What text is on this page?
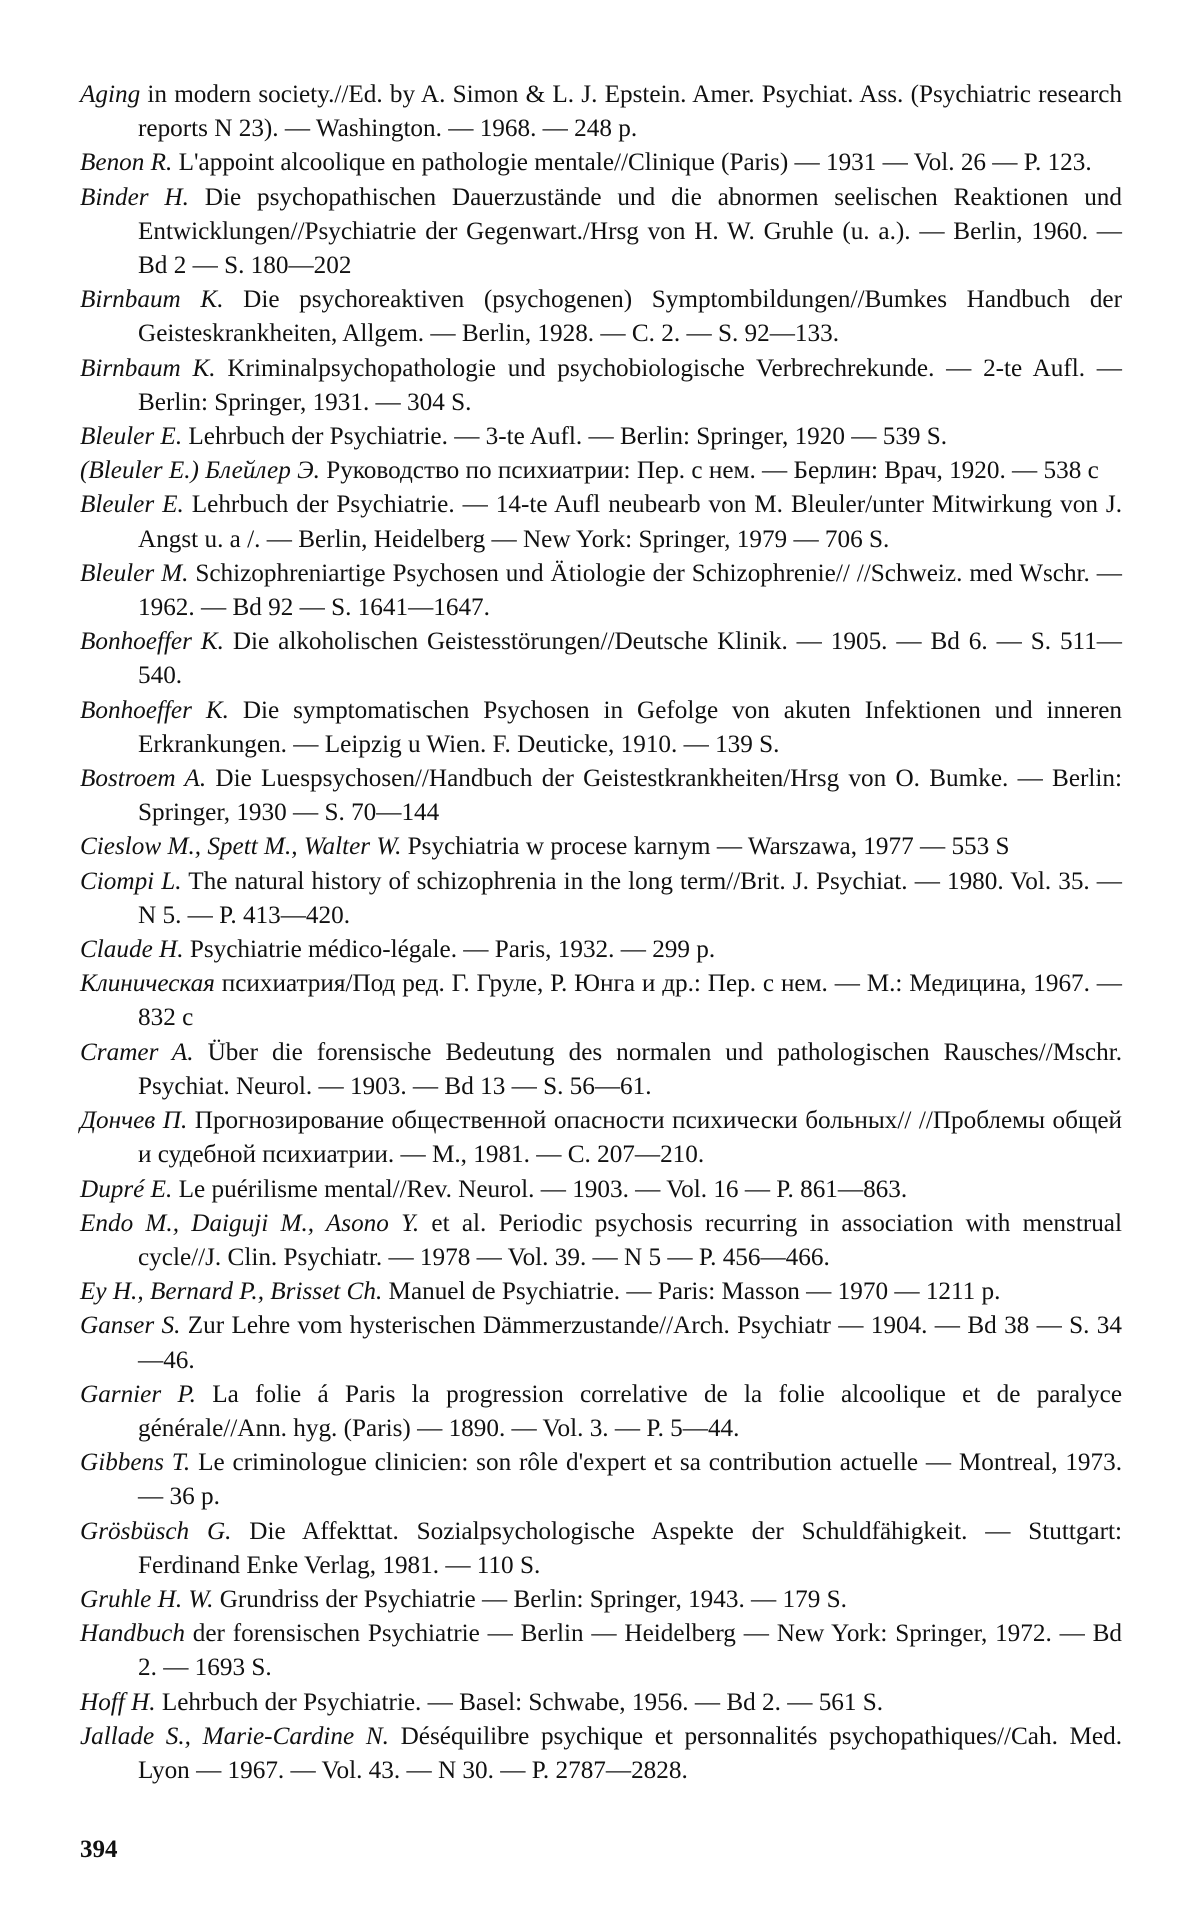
Aging in modern society.//Ed. by A. Simon & L. J. Epstein. Amer. Psychiat. Ass. (Psychiatric research reports N 23). — Washington. — 1968. — 248 p.

Benon R. L'appoint alcoolique en pathologie mentale//Clinique (Paris) — 1931 — Vol. 26 — P. 123.

Binder H. Die psychopathischen Dauerzustände und die abnormen seelischen Reaktionen und Entwicklungen//Psychiatrie der Gegenwart./Hrsg von H. W. Gruhle (u. a.). — Berlin, 1960. — Bd 2 — S. 180—202

Birnbaum K. Die psychoreaktiven (psychogenen) Symptombildungen//Bumkes Handbuch der Geisteskrankheiten, Allgem. — Berlin, 1928. — C. 2. — S. 92—133.

Birnbaum K. Kriminalpsychopathologie und psychobiologische Verbrechrekunde. — 2-te Aufl. — Berlin: Springer, 1931. — 304 S.

Bleuler E. Lehrbuch der Psychiatrie. — 3-te Aufl. — Berlin: Springer, 1920 — 539 S.

(Bleuler E.) Блейлер Э. Руководство по психиатрии: Пер. с нем. — Берлин: Врач, 1920. — 538 с

Bleuler E. Lehrbuch der Psychiatrie. — 14-te Aufl neubearb von M. Bleuler/unter Mitwirkung von J. Angst u. a /. — Berlin, Heidelberg — New York: Springer, 1979 — 706 S.

Bleuler M. Schizophreniartige Psychosen und Ätiologie der Schizophrenie// //Schweiz. med Wschr. — 1962. — Bd 92 — S. 1641—1647.

Bonhoeffer K. Die alkoholischen Geistesstörungen//Deutsche Klinik. — 1905. — Bd 6. — S. 511—540.

Bonhoeffer K. Die symptomatischen Psychosen in Gefolge von akuten Infektionen und inneren Erkrankungen. — Leipzig u Wien. F. Deuticke, 1910. — 139 S.

Bostroem A. Die Luespsychosen//Handbuch der Geistestkrankheiten/Hrsg von O. Bumke. — Berlin: Springer, 1930 — S. 70—144

Cieslow M., Spett M., Walter W. Psychiatria w procese karnym — Warszawa, 1977 — 553 S

Ciompi L. The natural history of schizophrenia in the long term//Brit. J. Psychiat. — 1980. Vol. 35. — N 5. — P. 413—420.

Claude H. Psychiatrie médico-légale. — Paris, 1932. — 299 p.

Клиническая психиатрия/Под ред. Г. Груле, Р. Юнга и др.: Пер. с нем. — М.: Медицина, 1967. — 832 с

Cramer A. Über die forensische Bedeutung des normalen und pathologischen Rausches//Mschr. Psychiat. Neurol. — 1903. — Bd 13 — S. 56—61.

Дончев П. Прогнозирование общественной опасности психически больных// //Проблемы общей и судебной психиатрии. — М., 1981. — С. 207—210.

Dupré E. Le puérilisme mental//Rev. Neurol. — 1903. — Vol. 16 — P. 861—863.

Endo M., Daiguji M., Asono Y. et al. Periodic psychosis recurring in association with menstrual cycle//J. Clin. Psychiatr. — 1978 — Vol. 39. — N 5 — P. 456—466.

Ey H., Bernard P., Brisset Ch. Manuel de Psychiatrie. — Paris: Masson — 1970 — 1211 p.

Ganser S. Zur Lehre vom hysterischen Dämmerzustande//Arch. Psychiatr — 1904. — Bd 38 — S. 34—46.

Garnier P. La folie á Paris la progression correlative de la folie alcoolique et de paralyce générale//Ann. hyg. (Paris) — 1890. — Vol. 3. — P. 5—44.

Gibbens T. Le criminologue clinicien: son rôle d'expert et sa contribution actuelle — Montreal, 1973. — 36 p.

Grösbüsch G. Die Affekttat. Sozialpsychologische Aspekte der Schuldfähigkeit. — Stuttgart: Ferdinand Enke Verlag, 1981. — 110 S.

Gruhle H. W. Grundriss der Psychiatrie — Berlin: Springer, 1943. — 179 S.

Handbuch der forensischen Psychiatrie — Berlin — Heidelberg — New York: Springer, 1972. — Bd 2. — 1693 S.

Hoff H. Lehrbuch der Psychiatrie. — Basel: Schwabe, 1956. — Bd 2. — 561 S.

Jallade S., Marie-Cardine N. Déséquilibre psychique et personnalités psychopathiques//Cah. Med. Lyon — 1967. — Vol. 43. — N 30. — P. 2787—2828.

394
